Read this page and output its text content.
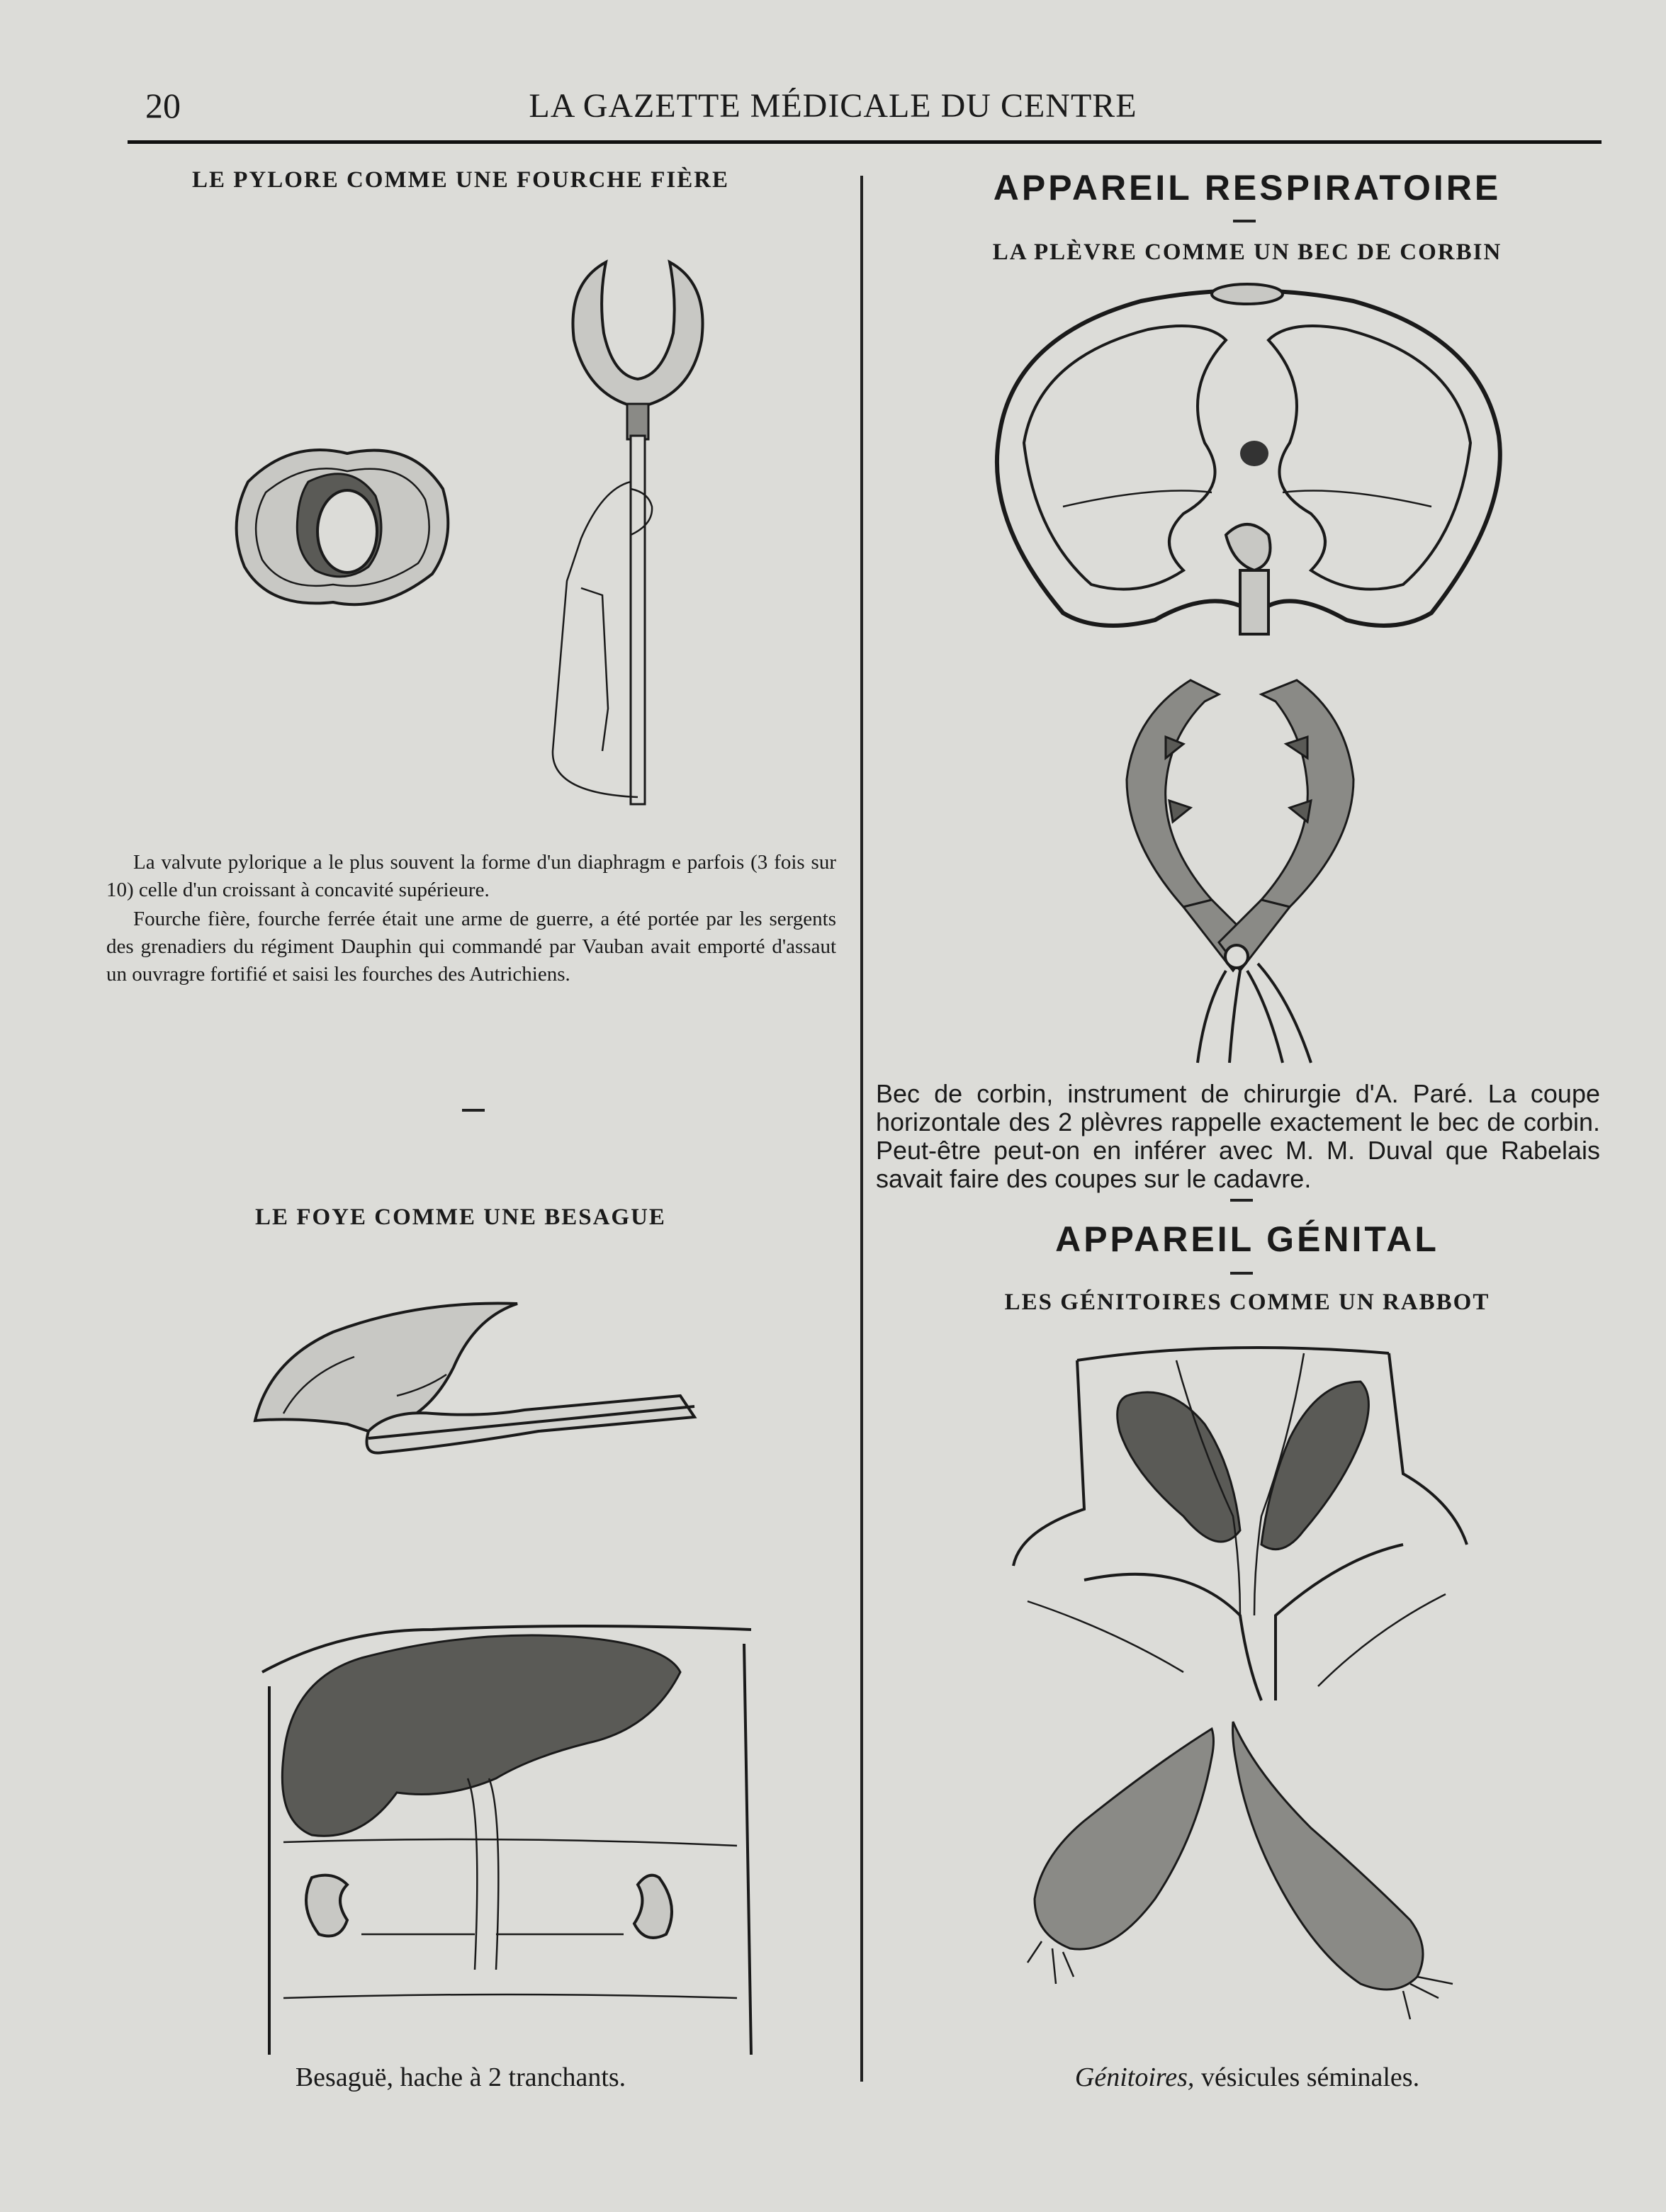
20	LA GAZETTE MÉDICALE DU CENTRE
LE PYLORE COMME UNE FOURCHE FIÈRE

La valvute pylorique a le plus souvent la forme d'un diaphragm e parfois (3 fois sur 10) celle d'un croissant à concavité supérieure.

Fourche fière, fourche ferrée était une arme de guerre, a été portée par les sergents des grenadiers du régiment Dauphin qui commandé par Vauban avait emporté d'assaut un ouvragre fortifié et saisi les fourches des Autrichiens.

LE FOYE COMME UNE BESAGUE
Besaguë, hache à 2 tranchants.
APPAREIL RESPIRATOIRE
LA PLÈVRE COMME UN BEC DE CORBIN
Bec de corbin, instrument de chirurgie d'A. Paré. La coupe horizontale des 2 plèvres rappelle exactement le bec de corbin. Peut-être peut-on en inférer avec M. M. Duval que Rabelais savait faire des coupes sur le cadavre.
APPAREIL GÉNITAL
LES GÉNITOIRES COMME UN RABBOT
Génitoires, vésicules séminales.
